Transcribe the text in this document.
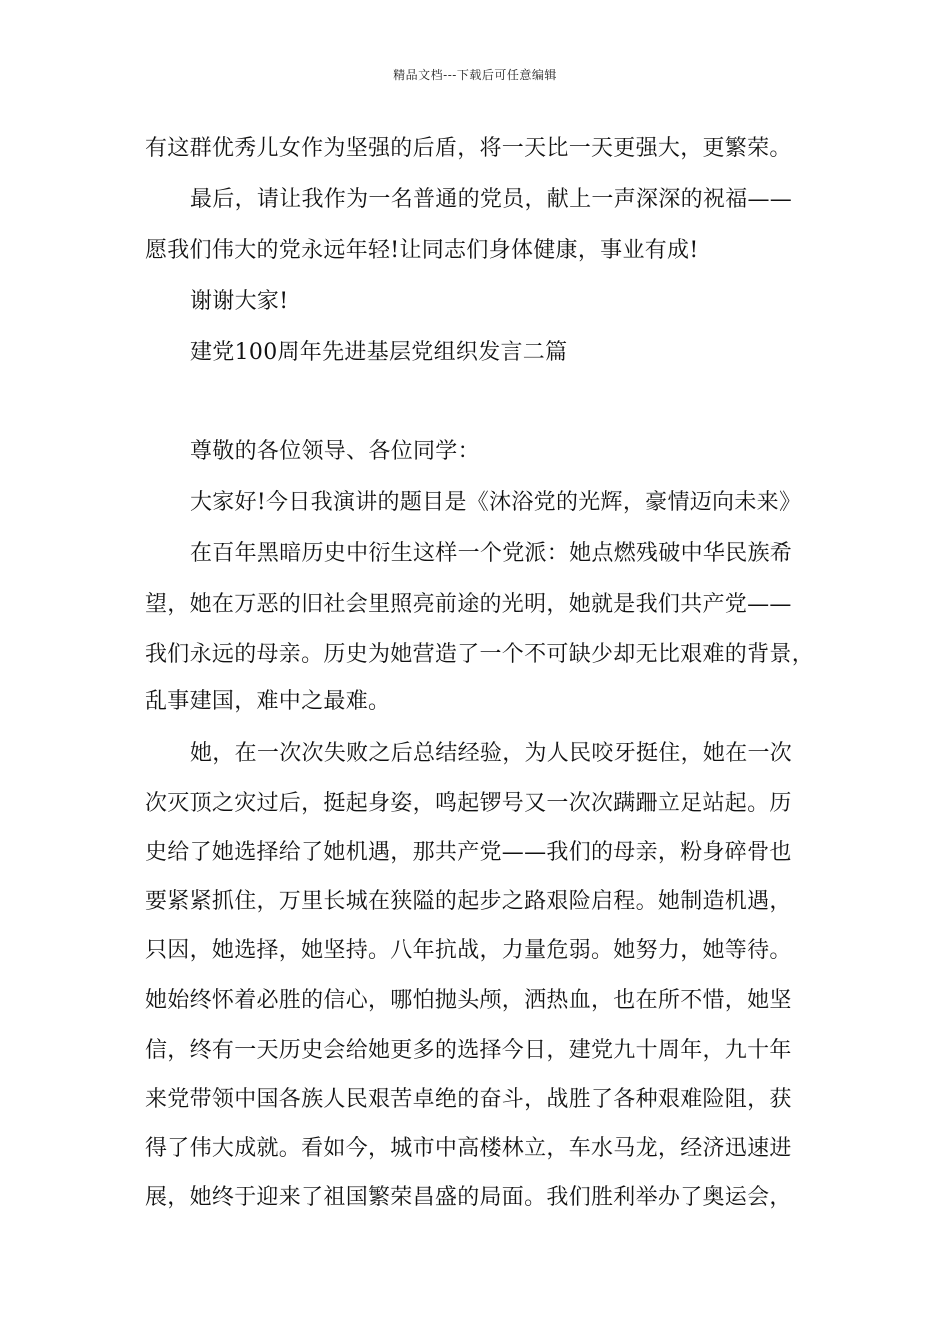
精品文档---下载后可任意编辑
有这群优秀儿女作为坚强的后盾，将一天比一天更强大，更繁荣。
最后，请让我作为一名普通的党员，献上一声深深的祝福——
愿我们伟大的党永远年轻!让同志们身体健康，事业有成!
谢谢大家!
建党100周年先进基层党组织发言二篇
尊敬的各位领导、各位同学：
大家好!今日我演讲的题目是《沐浴党的光辉，豪情迈向未来》
在百年黑暗历史中衍生这样一个党派：她点燃残破中华民族希
望，她在万恶的旧社会里照亮前途的光明，她就是我们共产党——
我们永远的母亲。历史为她营造了一个不可缺少却无比艰难的背景，
乱事建国，难中之最难。
她，在一次次失败之后总结经验，为人民咬牙挺住，她在一次
次灭顶之灾过后，挺起身姿，鸣起锣号又一次次蹒跚立足站起。历
史给了她选择给了她机遇，那共产党——我们的母亲，粉身碎骨也
要紧紧抓住，万里长城在狭隘的起步之路艰险启程。她制造机遇，
只因，她选择，她坚持。八年抗战，力量危弱。她努力，她等待。
她始终怀着必胜的信心，哪怕抛头颅，洒热血，也在所不惜，她坚
信，终有一天历史会给她更多的选择今日，建党九十周年，九十年
来党带领中国各族人民艰苦卓绝的奋斗，战胜了各种艰难险阻，获
得了伟大成就。看如今，城市中高楼林立，车水马龙，经济迅速进
展，她终于迎来了祖国繁荣昌盛的局面。我们胜利举办了奥运会，
